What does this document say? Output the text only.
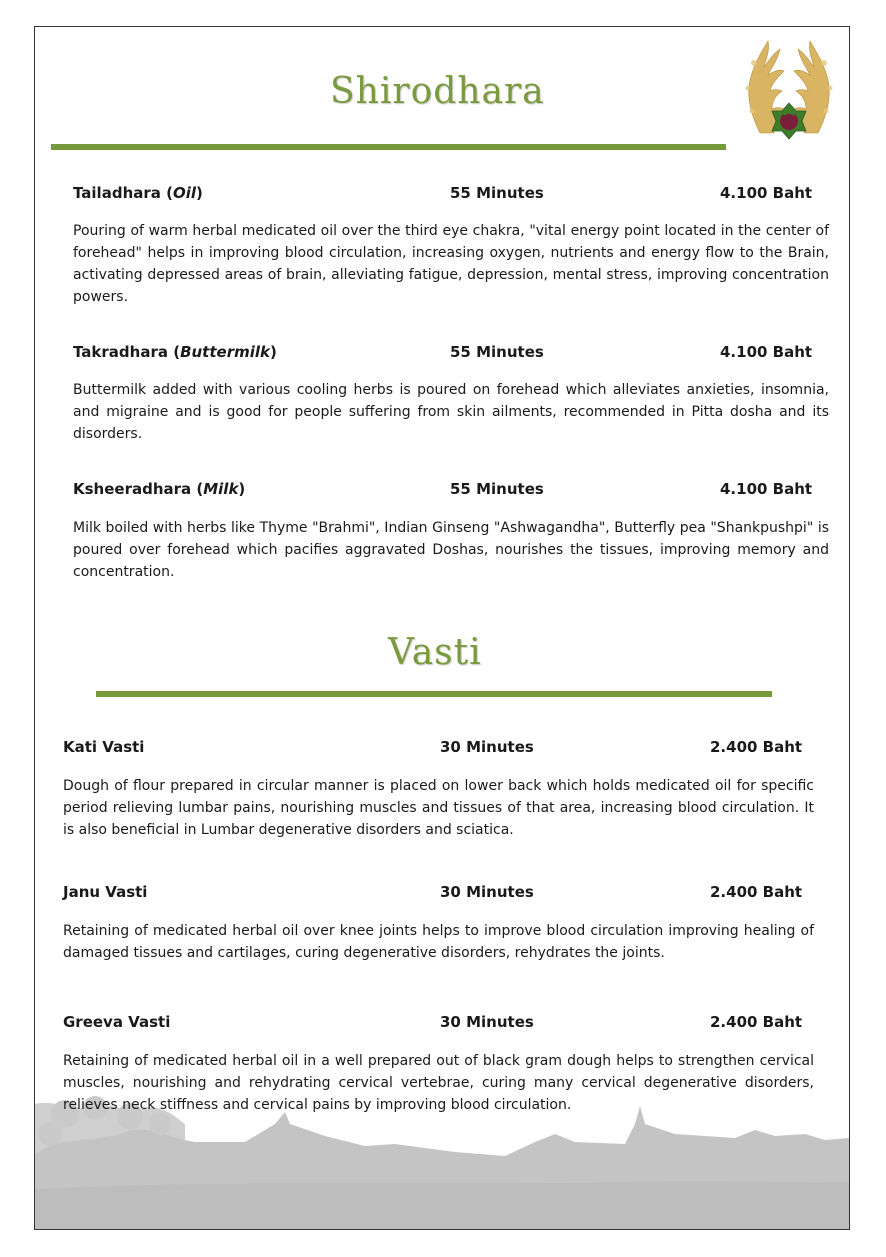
Shirodhara
Tailadhara (Oil)	55 Minutes	4.100 Baht
Pouring of warm herbal medicated oil over the third eye chakra, "vital energy point located in the center of forehead" helps in improving blood circulation, increasing oxygen, nutrients and energy flow to the Brain, activating depressed areas of brain, alleviating fatigue, depression, mental stress, improving concentration powers.
Takradhara (Buttermilk)	55 Minutes	4.100 Baht
Buttermilk added with various cooling herbs is poured on forehead which alleviates anxieties, insomnia, and migraine and is good for people suffering from skin ailments, recommended in Pitta dosha and its disorders.
Ksheeradhara (Milk)	55 Minutes	4.100 Baht
Milk boiled with herbs like Thyme "Brahmi", Indian Ginseng "Ashwagandha", Butterfly pea "Shankpushpi" is poured over forehead which pacifies aggravated Doshas, nourishes the tissues, improving memory and concentration.
Vasti
Kati Vasti	30 Minutes	2.400 Baht
Dough of flour prepared in circular manner is placed on lower back which holds medicated oil for specific period relieving lumbar pains, nourishing muscles and tissues of that area, increasing blood circulation. It is also beneficial in Lumbar degenerative disorders and sciatica.
Janu Vasti	30 Minutes	2.400 Baht
Retaining of medicated herbal oil over knee joints helps to improve blood circulation improving healing of damaged tissues and cartilages, curing degenerative disorders, rehydrates the joints.
Greeva Vasti	30 Minutes	2.400 Baht
Retaining of medicated herbal oil in a well prepared out of black gram dough helps to strengthen cervical muscles, nourishing and rehydrating cervical vertebrae, curing many cervical degenerative disorders, relieves neck stiffness and cervical pains by improving blood circulation.
